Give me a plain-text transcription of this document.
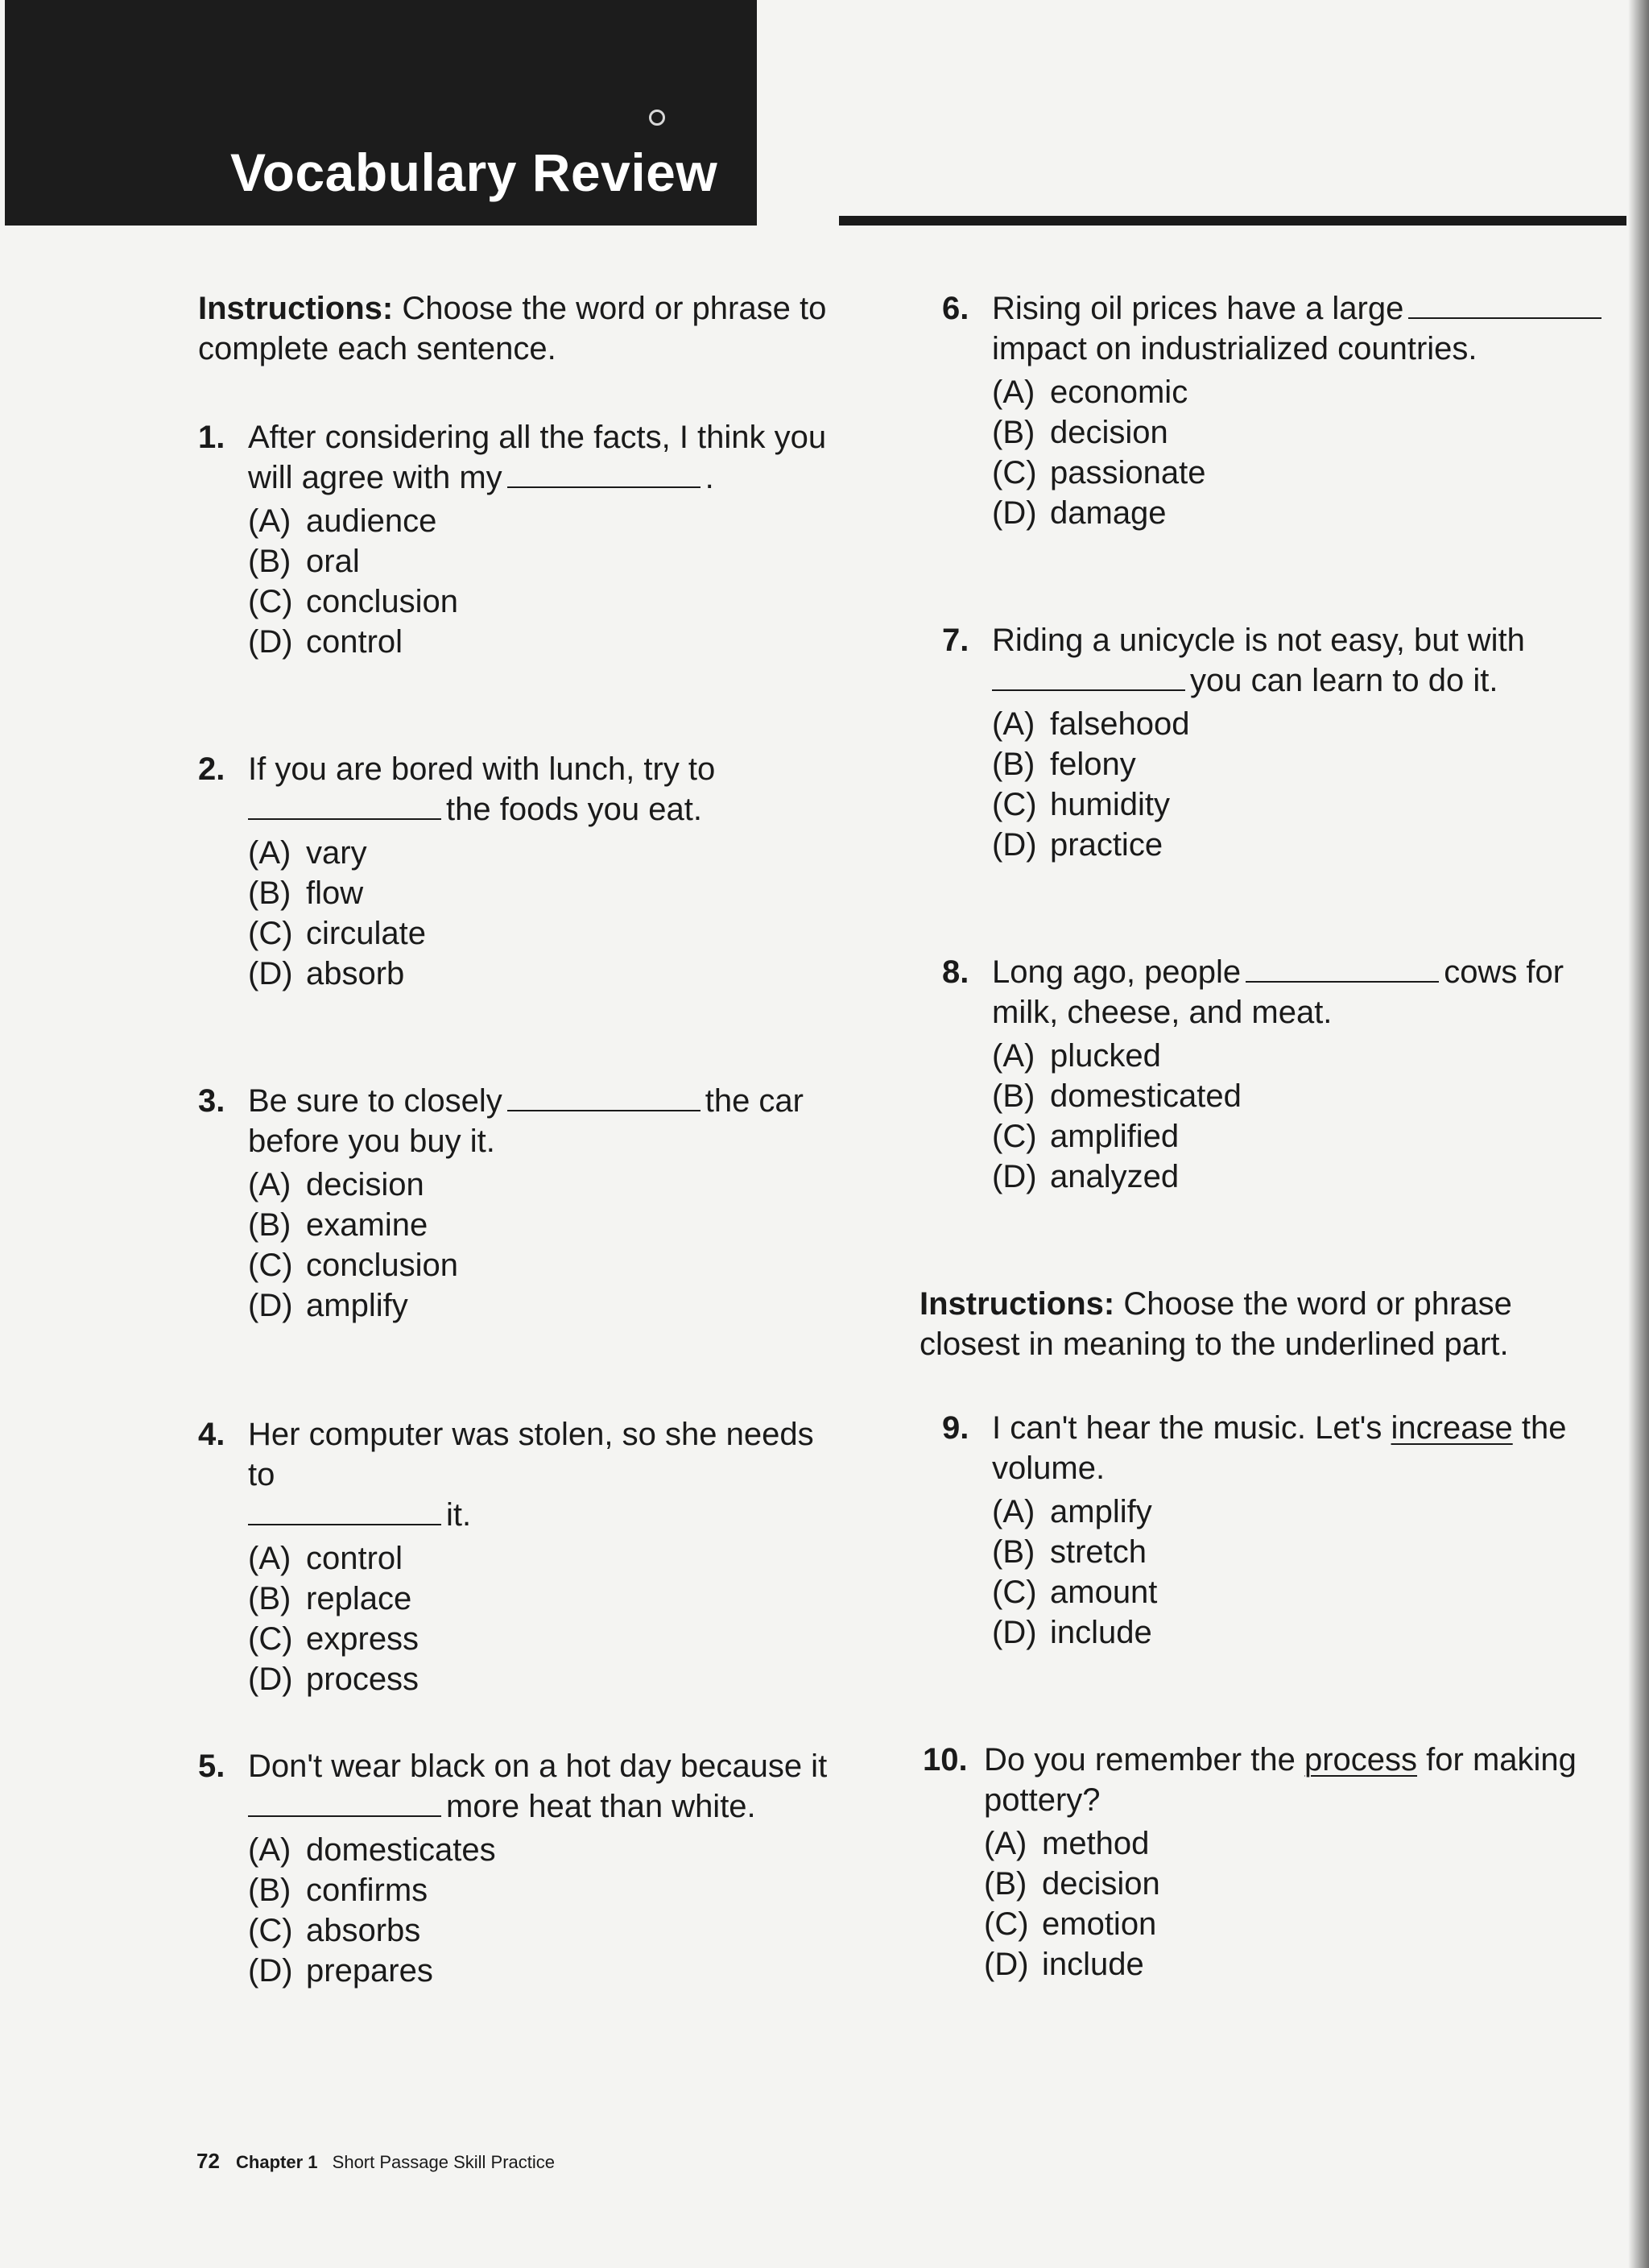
Vocabulary Review

Instructions: Choose the word or phrase to complete each sentence.

1. After considering all the facts, I think you will agree with my	.
(A) audience
(B) oral
(C) conclusion
(D) control
2. If you are bored with lunch, try to
the foods you eat.
(A) vary
(B) flow
(C) circulate
(D) absorb
3. Be sure to closely	the car before you buy it.
(A) decision
(B) examine
(C) conclusion
(D) amplify
4. Her computer was stolen, so she needs to
it.
(A) control
(B) replace
(C) express
(D) process
5. Don't wear black on a hot day because it
more heat than white.
(A) domesticates
(B) confirms
(C) absorbs
(D) prepares
6. Rising oil prices have a large
impact on industrialized countries.
(A) economic
(B) decision
(C) passionate
(D) damage
7. Riding a unicycle is not easy, but with
you can learn to do it.
(A) falsehood
(B) felony
(C) humidity
(D) practice
8. Long ago, people	cows for milk, cheese, and meat.
(A) plucked
(B) domesticated
(C) amplified
(D) analyzed

Instructions: Choose the word or phrase closest in meaning to the underlined part.

9. I can't hear the music. Let's increase the volume.
(A) amplify
(B) stretch
(C) amount
(D) include
10. Do you remember the process for making pottery?
(A) method
(B) decision
(C) emotion
(D) include
72 Chapter 1 Short Passage Skill Practice
